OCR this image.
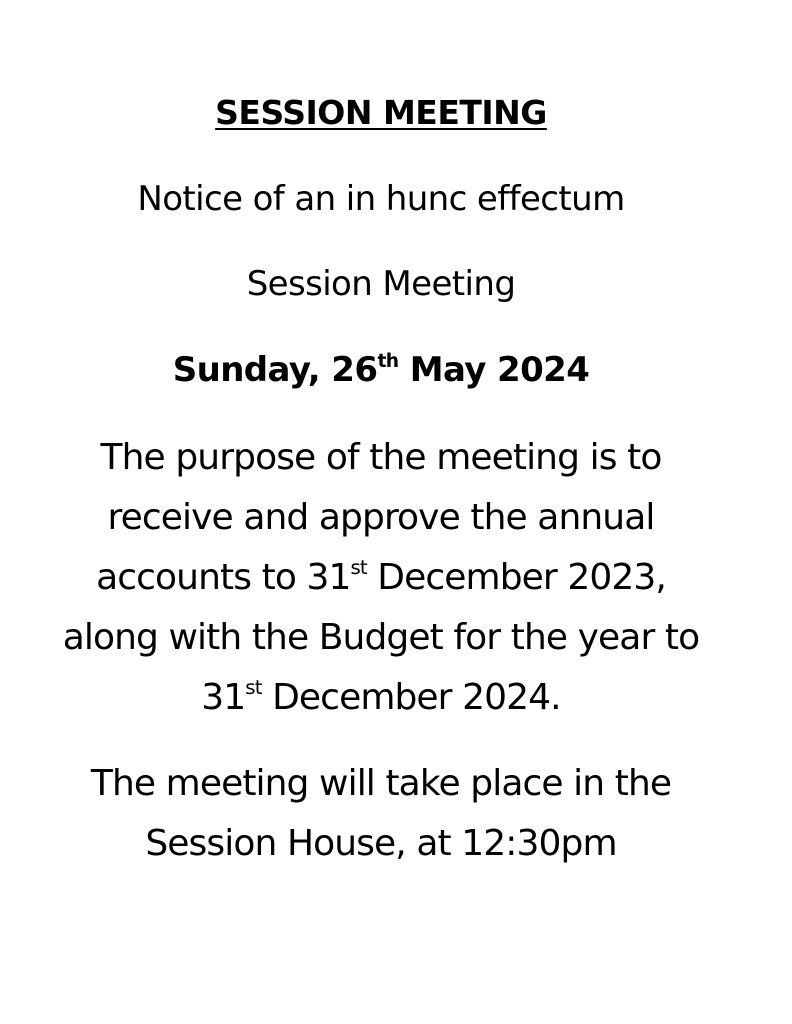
SESSION MEETING
Notice of an in hunc effectum
Session Meeting
Sunday, 26th May 2024
The purpose of the meeting is to
receive and approve the annual
accounts to 31st December 2023,
along with the Budget for the year to
31st December 2024.
The meeting will take place in the
Session House, at 12:30pm
